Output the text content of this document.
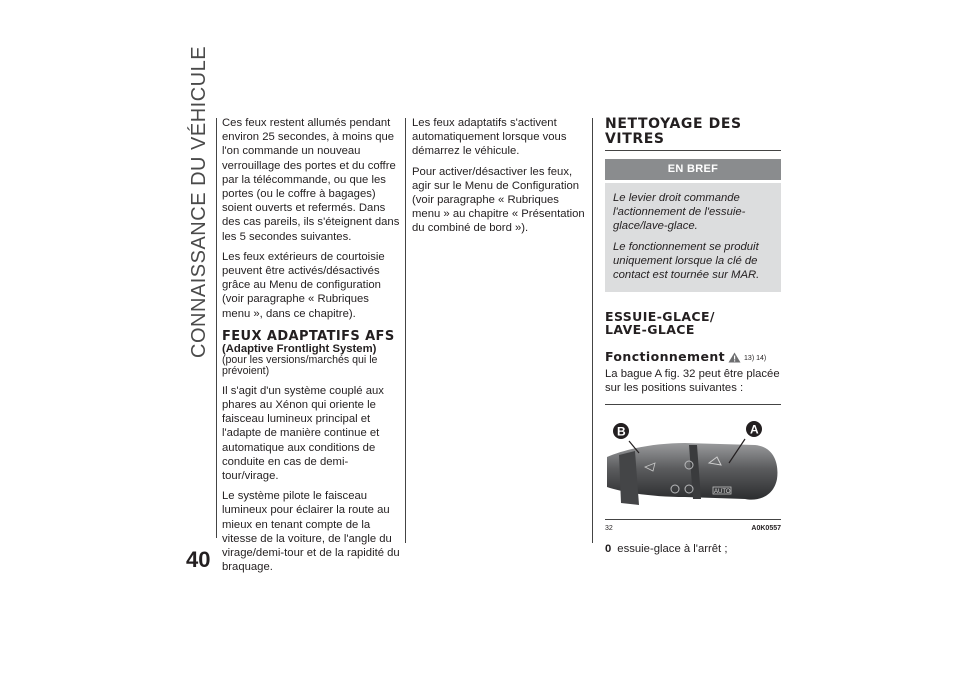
CONNAISSANCE DU VÉHICULE
40

Ces feux restent allumés pendant environ 25 secondes, à moins que l'on commande un nouveau verrouillage des portes et du coffre par la télécommande, ou que les portes (ou le coffre à bagages) soient ouverts et refermés. Dans des cas pareils, ils s'éteignent dans les 5 secondes suivantes.

Les feux extérieurs de courtoisie peuvent être activés/désactivés grâce au Menu de configuration (voir paragraphe « Rubriques menu », dans ce chapitre).

FEUX ADAPTATIFS AFS
(Adaptive Frontlight System)

(pour les versions/marchés qui le prévoient)

Il s'agit d'un système couplé aux phares au Xénon qui oriente le faisceau lumineux principal et l'adapte de manière continue et automatique aux conditions de conduite en cas de demi-tour/virage.

Le système pilote le faisceau lumineux pour éclairer la route au mieux en tenant compte de la vitesse de la voiture, de l'angle du virage/demi-tour et de la rapidité du braquage.

Les feux adaptatifs s'activent automatiquement lorsque vous démarrez le véhicule.

Pour activer/désactiver les feux, agir sur le Menu de Configuration (voir paragraphe « Rubriques menu » au chapitre « Présentation du combiné de bord »).

NETTOYAGE DES
VITRES
EN BREF

Le levier droit commande l'actionnement de l'essuie-glace/lave-glace.

Le fonctionnement se produit uniquement lorsque la clé de contact est tournée sur MAR.

ESSUIE-GLACE/
LAVE-GLACE
Fonctionnement	13) 14)

La bague A fig. 32 peut être placée sur les positions suivantes :

AUTO
A
B
32	A0K0557
0 essuie-glace à l'arrêt ;
